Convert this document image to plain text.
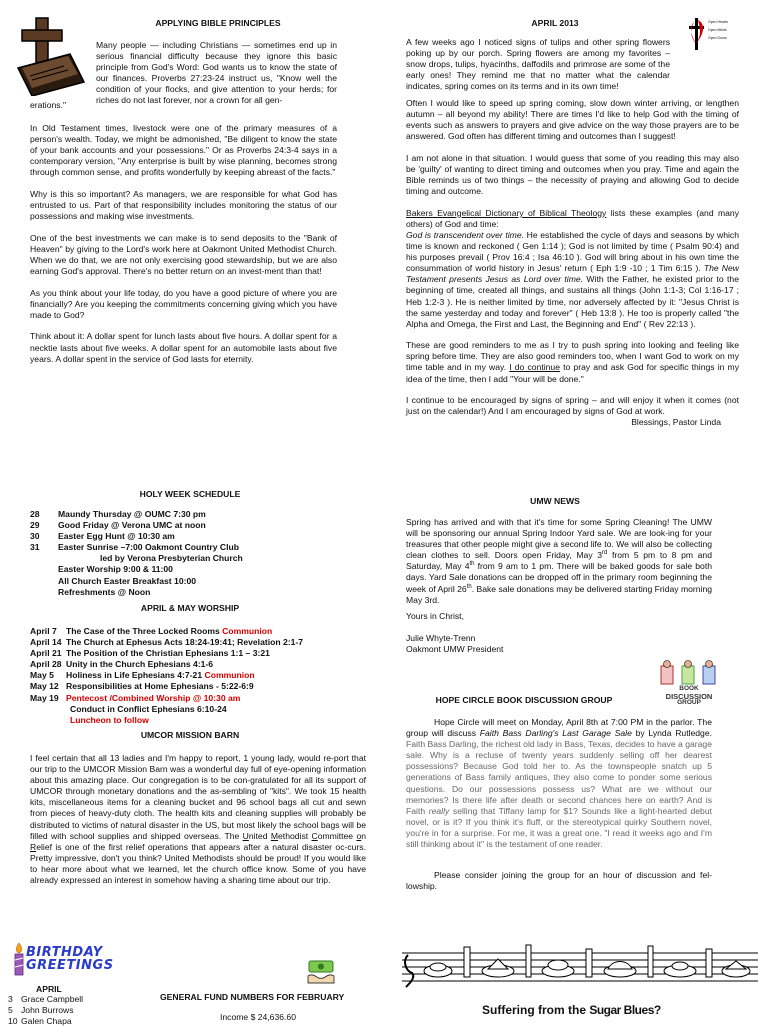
APPLYING BIBLE PRINCIPLES
Many people — including Christians — sometimes end up in serious financial difficulty because they ignore this basic principle from God's Word: God wants us to know the state of our finances. Proverbs 27:23-24 instruct us, "Know well the condition of your flocks, and give attention to your herds; for riches do not last forever, nor a crown for all gen-
erations."

In Old Testament times, livestock were one of the primary measures of a person's wealth. Today, we might be admonished, "Be diligent to know the state of your bank accounts and your possessions." Or as Proverbs 24:3-4 says in a contemporary version, "Any enterprise is built by wise planning, becomes strong through common sense, and profits wonderfully by keeping abreast of the facts."

Why is this so important? As managers, we are responsible for what God has entrusted to us. Part of that responsibility includes monitoring the status of our possessions and making wise investments.

One of the best investments we can make is to send deposits to the "Bank of Heaven" by giving to the Lord's work here at Oakmont United Methodist Church. When we do that, we are not only exercising good stewardship, but we are also earning God's approval. There's no better return on an invest-ment than that!

As you think about your life today, do you have a good picture of where you are financially? Are you keeping the commitments concerning giving which you have made to God?

Think about it: A dollar spent for lunch lasts about five hours. A dollar spent for a necktie lasts about five weeks. A dollar spent for an automobile lasts about five years. A dollar spent in the service of God lasts for eternity.

APRIL 2013	Open Hearts
Open Minds
Open Doors
A few weeks ago I noticed signs of tulips and other spring flowers poking up by our porch. Spring flowers are among my favorites – snow drops, tulips, hyacinths, daffodils and primrose are some of the early ones! They remind me that no matter what the calendar indicates, spring comes on its terms and in its own time!

Often I would like to speed up spring coming, slow down winter arriving, or lengthen autumn – all beyond my ability! There are times I'd like to help God with the timing of events such as answers to prayers and give advice on the way those prayers are to be answered. God often has different timing and outcomes than I suggest!

I am not alone in that situation. I would guess that some of you reading this may also be 'guilty' of wanting to direct timing and outcomes when you pray. Time and again the Bible reminds us of two things – the necessity of praying and allowing God to decide timing and outcome.

Bakers Evangelical Dictionary of Biblical Theology lists these examples (and many others) of God and time:
God is transcendent over time. He established the cycle of days and seasons by which time is known and reckoned ( Gen 1:14 ); God is not limited by time ( Psalm 90:4) and his purposes prevail ( Prov 16:4 ; Isa 46:10 ). God will bring about in his own time the consummation of world history in Jesus' return ( Eph 1:9 -10 ; 1 Tim 6:15 ). The New Testament presents Jesus as Lord over time. With the Father, he existed prior to the beginning of time, created all things, and sustains all things (John 1:1-3; Col 1:16-17 ; Heb 1:2-3 ). He is neither limited by time, nor adversely affected by it: "Jesus Christ is the same yesterday and today and forever" ( Heb 13:8 ). He too is properly called "the Alpha and Omega, the First and Last, the Beginning and End" ( Rev 22:13 ).

These are good reminders to me as I try to push spring into looking and feeling like spring before time. They are also good reminders too, when I want God to work on my time table and in my way. I do continue to pray and ask God for specific things in my idea of the time, then I add "Your will be done."

I continue to be encouraged by signs of spring – and will enjoy it when it comes (not just on the calendar!) And I am encouraged by signs of God at work.

Blessings, Pastor Linda

HOLY WEEK SCHEDULE
28	Maundy Thursday @ OUMC 7:30 pm
29	Good Friday @ Verona UMC at noon
30	Easter Egg Hunt @ 10:30 am
31	Easter Sunrise –7:00 Oakmont Country Club
led by Verona Presbyterian Church
Easter Worship 9:00 & 11:00
All Church Easter Breakfast 10:00
Refreshments @ Noon
APRIL & MAY WORSHIP
April 7	The Case of the Three Locked Rooms Communion
April 14 The Church at Ephesus Acts 18:24-19:41; Revelation 2:1-7
April 21 The Position of the Christian Ephesians 1:1 – 3:21
April 28 Unity in the Church Ephesians 4:1-6
May 5	Holiness in Life Ephesians 4:7-21 Communion
May 12 Responsibilities at Home Ephesians - 5:22-6:9
May 19 Pentecost /Combined Worship @ 10:30 am
Conduct in Conflict Ephesians 6:10-24
Luncheon to follow
UMCOR MISSION BARN
I feel certain that all 13 ladies and I'm happy to report, 1 young lady, would re-port that our trip to the UMCOR Mission Barn was a wonderful day full of eye-opening information about this amazing place. Our congregation is to be con-gratulated for all its support of UMCOR through monetary donations and the as-sembling of "kits". We took 15 health kits, miscellaneous items for a cleaning bucket and 96 school bags all cut and sewn from pieces of heavy-duty cloth. The health kits and cleaning supplies will probably be distributed to victims of natural disaster in the US, but most likely the school bags will be filled with school supplies and shipped overseas. The United Methodist Committee on Relief is one of the first relief operations that appears after a natural disaster oc-curs. Pretty impressive, don't you think? United Methodists should be proud! If you would like to hear more about what we learned, let the church office know. Some of you have already expressed an interest in somehow having a sharing time about our trip.
UMW NEWS
Spring has arrived and with that it's time for some Spring Cleaning! The UMW will be sponsoring our annual Spring Indoor Yard sale. We are look-ing for your treasures that other people might give a second life to. We will also be collecting clean clothes to sell. Doors open Friday, May 3rd from 5 pm to 8 pm and Saturday, May 4th from 9 am to 1 pm. There will be baked goods for sale both days. Yard Sale donations can be dropped off in the primary room beginning the week of April 26th. Bake sale donations may be delivered starting Friday morning May 3rd.
Yours in Christ,
Julie Whyte-Trenn
Oakmont UMW President
BOOK
DISCUSSION
GROUP
HOPE CIRCLE BOOK DISCUSSION GROUP
Hope Circle will meet on Monday, April 8th at 7:00 PM in the parlor. The group will discuss Faith Bass Darling's Last Garage Sale by Lynda Rutledge. Faith Bass Darling, the richest old lady in Bass, Texas, decides to have a garage sale. Why is a recluse of twenty years suddenly selling off her dearest possessions? Because God told her to. As the townspeople snatch up 5 generations of Bass family antiques, they also come to ponder some serious questions. Do our possessions possess us? What are we without our memories? Is there life after death or second chances here on earth? And is Faith really selling that Tiffany lamp for $1? Sounds like a light-hearted debut novel, or is it? If you think it's fluff, or the stereotypical quirky Southern novel, you're in for a surprise. For me, it was a great one. "I read it weeks ago and I'm still thinking about it" is the testament of one reader.
Please consider joining the group for an hour of discussion and fel-lowship.
BIRTHDAY
GREETINGS
APRIL
3 Grace Campbell
5 John Burrows
10 Galen Chapa
GENERAL FUND NUMBERS FOR FEBRUARY
Income $ 24,636.60	Suffering from the Sugar Blues?
